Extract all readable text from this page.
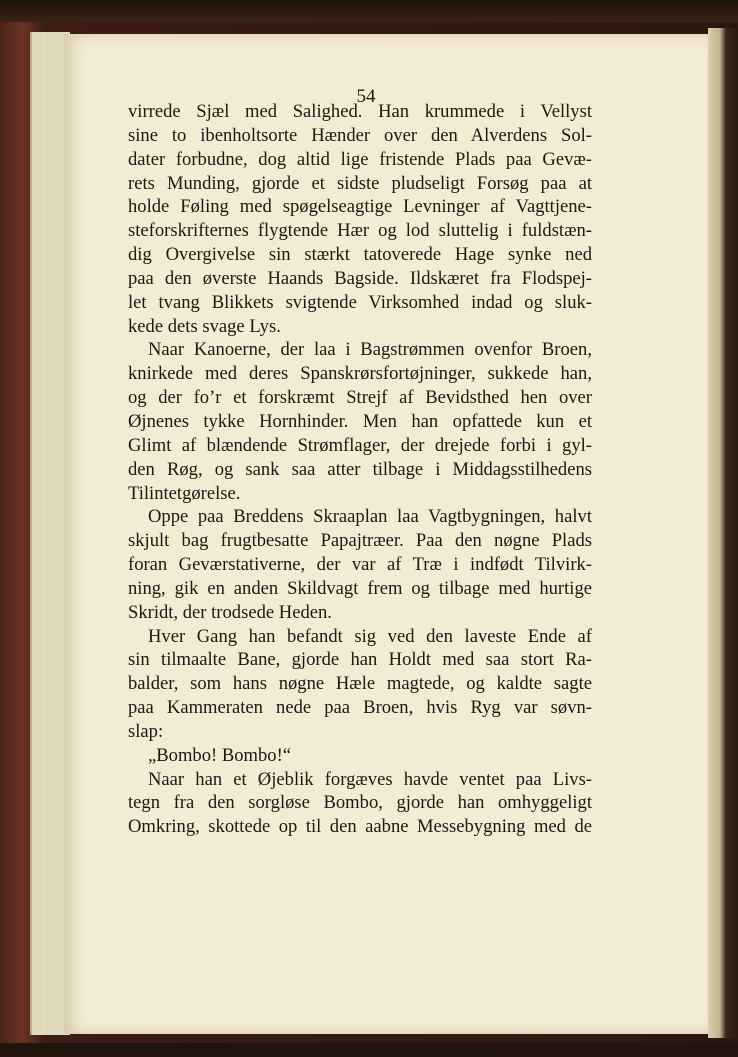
54
virrede Sjæl med Salighed. Han krummede i Vellyst
sine to ibenholtsorte Hænder over den Alverdens Sol-
dater forbudne, dog altid lige fristende Plads paa Gevæ-
rets Munding, gjorde et sidste pludseligt Forsøg paa at
holde Føling med spøgelseagtige Levninger af Vagttjene-
steforskrifternes flygtende Hær og lod sluttelig i fuldstæn-
dig Overgivelse sin stærkt tatoverede Hage synke ned
paa den øverste Haands Bagside. Ildskæret fra Flodspej-
let tvang Blikkets svigtende Virksomhed indad og sluk-
kede dets svage Lys.
Naar Kanoerne, der laa i Bagstrømmen ovenfor Broen,
knirkede med deres Spanskrørsfortøjninger, sukkede han,
og der fo’r et forskræmt Strejf af Bevidsthed hen over
Øjnenes tykke Hornhinder. Men han opfattede kun et
Glimt af blændende Strømflager, der drejede forbi i gyl-
den Røg, og sank saa atter tilbage i Middagsstilhedens
Tilintetgørelse.
Oppe paa Breddens Skraaplan laa Vagtbygningen, halvt
skjult bag frugtbesatte Papajtræer. Paa den nøgne Plads
foran Geværstativerne, der var af Træ i indfødt Tilvirk-
ning, gik en anden Skildvagt frem og tilbage med hurtige
Skridt, der trodsede Heden.
Hver Gang han befandt sig ved den laveste Ende af
sin tilmaalte Bane, gjorde han Holdt med saa stort Ra-
balder, som hans nøgne Hæle magtede, og kaldte sagte
paa Kammeraten nede paa Broen, hvis Ryg var søvn-
slap:
„Bombo! Bombo!“
Naar han et Øjeblik forgæves havde ventet paa Livs-
tegn fra den sorgløse Bombo, gjorde han omhyggeligt
Omkring, skottede op til den aabne Messebygning med de
